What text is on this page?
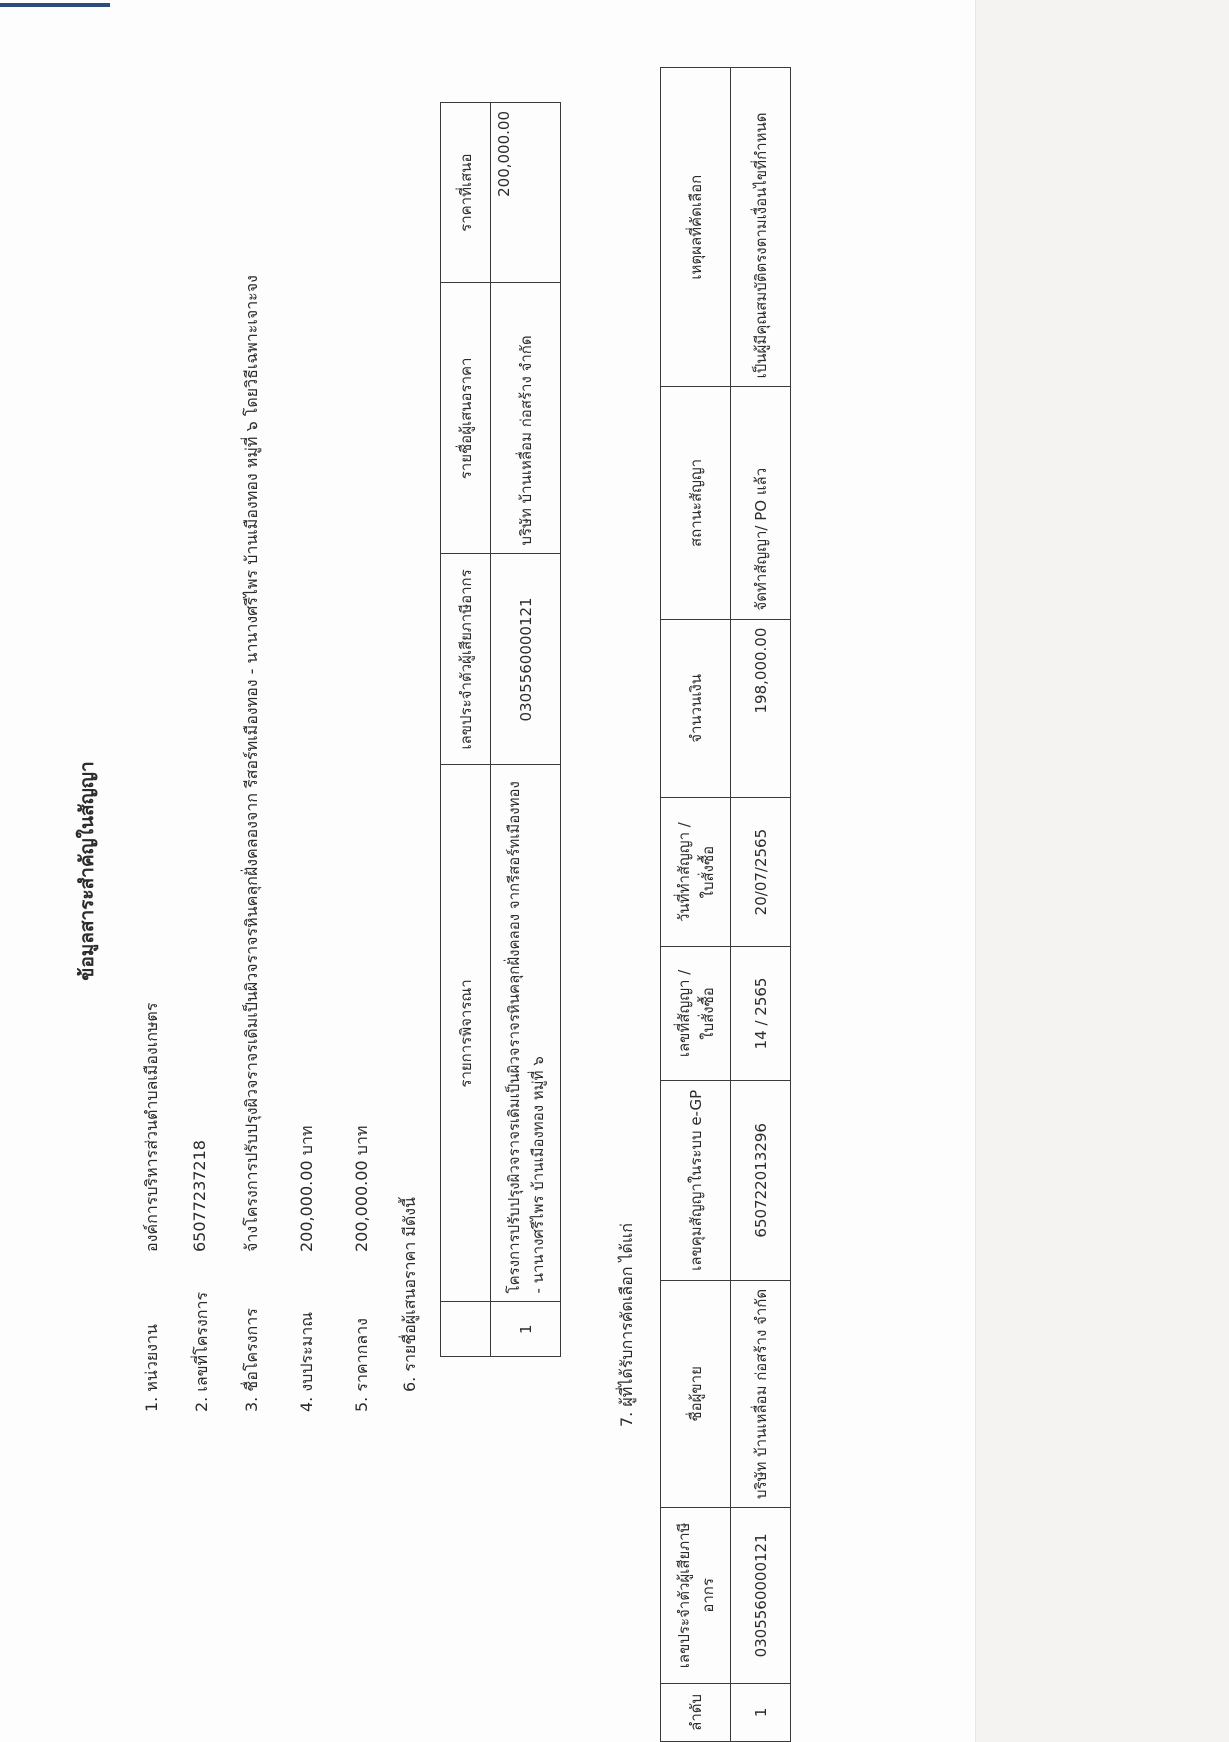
ข้อมูลสาระสำคัญในสัญญา
1. หน่วยงาน
องค์การบริหารส่วนตำบลเมืองเกษตร
2. เลขที่โครงการ
65077237218
3. ชื่อโครงการ
จ้างโครงการปรับปรุงผิวจราจรเดิมเป็นผิวจราจรหินคลุกฝั่งคลองจาก รีสอร์ทเมืองทอง - นานางศรีไพร บ้านเมืองทอง หมู่ที่ ๖ โดยวิธีเฉพาะเจาะจง
4. งบประมาณ
200,000.00 บาท
5. ราคากลาง
200,000.00 บาท
6. รายชื่อผู้เสนอราคา มีดังนี้
	รายการพิจารณา	เลขประจำตัวผู้เสียภาษีอากร	รายชื่อผู้เสนอราคา	ราคาที่เสนอ
1	โครงการปรับปรุงผิวจราจรเดิมเป็นผิวจราจรหินคลุกฝั่งคลอง จากรีสอร์ทเมืองทอง - นานางศรีไพร บ้านเมืองทอง หมู่ที่ ๖	0305560000121	บริษัท บ้านเหลื่อม ก่อสร้าง จำกัด	200,000.00
7. ผู้ที่ได้รับการคัดเลือก ได้แก่
ลำดับ	เลขประจำตัวผู้เสียภาษีอากร	ชื่อผู้ขาย	เลขคุมสัญญาในระบบ e-GP	เลขที่สัญญา / ใบสั่งซื้อ	วันที่ทำสัญญา / ใบสั่งซื้อ	จำนวนเงิน	สถานะสัญญา	เหตุผลที่คัดเลือก
1	0305560000121	บริษัท บ้านเหลื่อม ก่อสร้าง จำกัด	650722013296	14 / 2565	20/07/2565	198,000.00	จัดทำสัญญา/ PO แล้ว	เป็นผู้มีคุณสมบัติตรงตามเงื่อนไขที่กำหนด
